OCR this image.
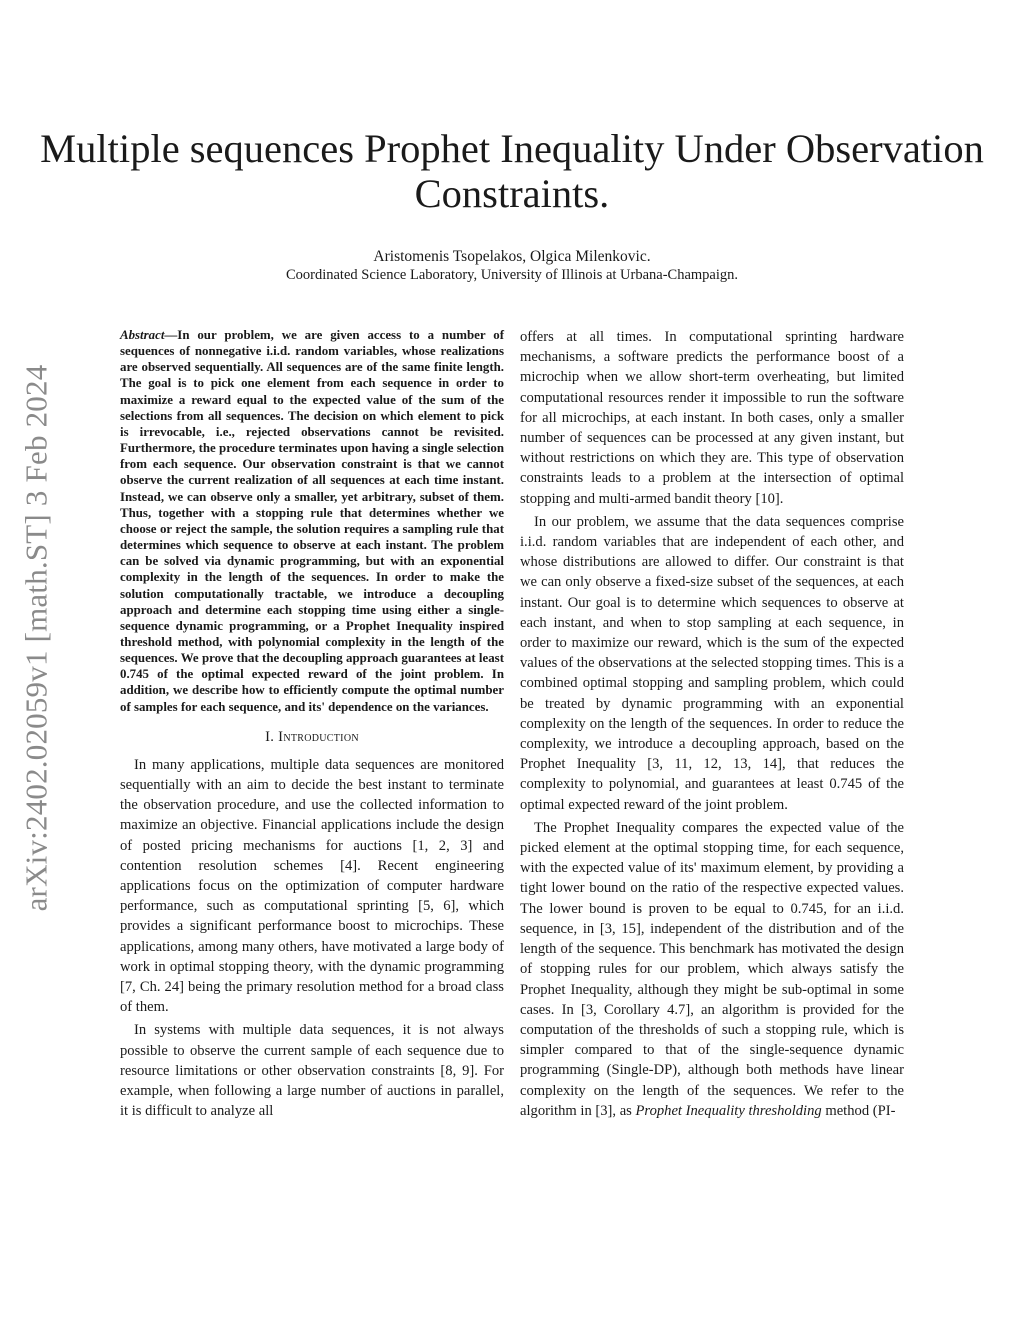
arXiv:2402.02059v1 [math.ST] 3 Feb 2024
Multiple sequences Prophet Inequality Under Observation Constraints.
Aristomenis Tsopelakos, Olgica Milenkovic.
Coordinated Science Laboratory, University of Illinois at Urbana-Champaign.

Abstract—In our problem, we are given access to a number of sequences of nonnegative i.i.d. random variables, whose realizations are observed sequentially. All sequences are of the same finite length. The goal is to pick one element from each sequence in order to maximize a reward equal to the expected value of the sum of the selections from all sequences. The decision on which element to pick is irrevocable, i.e., rejected observations cannot be revisited. Furthermore, the procedure terminates upon having a single selection from each sequence. Our observation constraint is that we cannot observe the current realization of all sequences at each time instant. Instead, we can observe only a smaller, yet arbitrary, subset of them. Thus, together with a stopping rule that determines whether we choose or reject the sample, the solution requires a sampling rule that determines which sequence to observe at each instant. The problem can be solved via dynamic programming, but with an exponential complexity in the length of the sequences. In order to make the solution computationally tractable, we introduce a decoupling approach and determine each stopping time using either a single-sequence dynamic programming, or a Prophet Inequality inspired threshold method, with polynomial complexity in the length of the sequences. We prove that the decoupling approach guarantees at least 0.745 of the optimal expected reward of the joint problem. In addition, we describe how to efficiently compute the optimal number of samples for each sequence, and its' dependence on the variances.

I. Introduction

In many applications, multiple data sequences are monitored sequentially with an aim to decide the best instant to terminate the observation procedure, and use the collected information to maximize an objective. Financial applications include the design of posted pricing mechanisms for auctions [1, 2, 3] and contention resolution schemes [4]. Recent engineering applications focus on the optimization of computer hardware performance, such as computational sprinting [5, 6], which provides a significant performance boost to microchips. These applications, among many others, have motivated a large body of work in optimal stopping theory, with the dynamic programming [7, Ch. 24] being the primary resolution method for a broad class of them.

In systems with multiple data sequences, it is not always possible to observe the current sample of each sequence due to resource limitations or other observation constraints [8, 9]. For example, when following a large number of auctions in parallel, it is difficult to analyze all

offers at all times. In computational sprinting hardware mechanisms, a software predicts the performance boost of a microchip when we allow short-term overheating, but limited computational resources render it impossible to run the software for all microchips, at each instant. In both cases, only a smaller number of sequences can be processed at any given instant, but without restrictions on which they are. This type of observation constraints leads to a problem at the intersection of optimal stopping and multi-armed bandit theory [10].

In our problem, we assume that the data sequences comprise i.i.d. random variables that are independent of each other, and whose distributions are allowed to differ. Our constraint is that we can only observe a fixed-size subset of the sequences, at each instant. Our goal is to determine which sequences to observe at each instant, and when to stop sampling at each sequence, in order to maximize our reward, which is the sum of the expected values of the observations at the selected stopping times. This is a combined optimal stopping and sampling problem, which could be treated by dynamic programming with an exponential complexity on the length of the sequences. In order to reduce the complexity, we introduce a decoupling approach, based on the Prophet Inequality [3, 11, 12, 13, 14], that reduces the complexity to polynomial, and guarantees at least 0.745 of the optimal expected reward of the joint problem.

The Prophet Inequality compares the expected value of the picked element at the optimal stopping time, for each sequence, with the expected value of its' maximum element, by providing a tight lower bound on the ratio of the respective expected values. The lower bound is proven to be equal to 0.745, for an i.i.d. sequence, in [3, 15], independent of the distribution and of the length of the sequence. This benchmark has motivated the design of stopping rules for our problem, which always satisfy the Prophet Inequality, although they might be sub-optimal in some cases. In [3, Corollary 4.7], an algorithm is provided for the computation of the thresholds of such a stopping rule, which is simpler compared to that of the single-sequence dynamic programming (Single-DP), although both methods have linear complexity on the length of the sequences. We refer to the algorithm in [3], as Prophet Inequality thresholding method (PI-
